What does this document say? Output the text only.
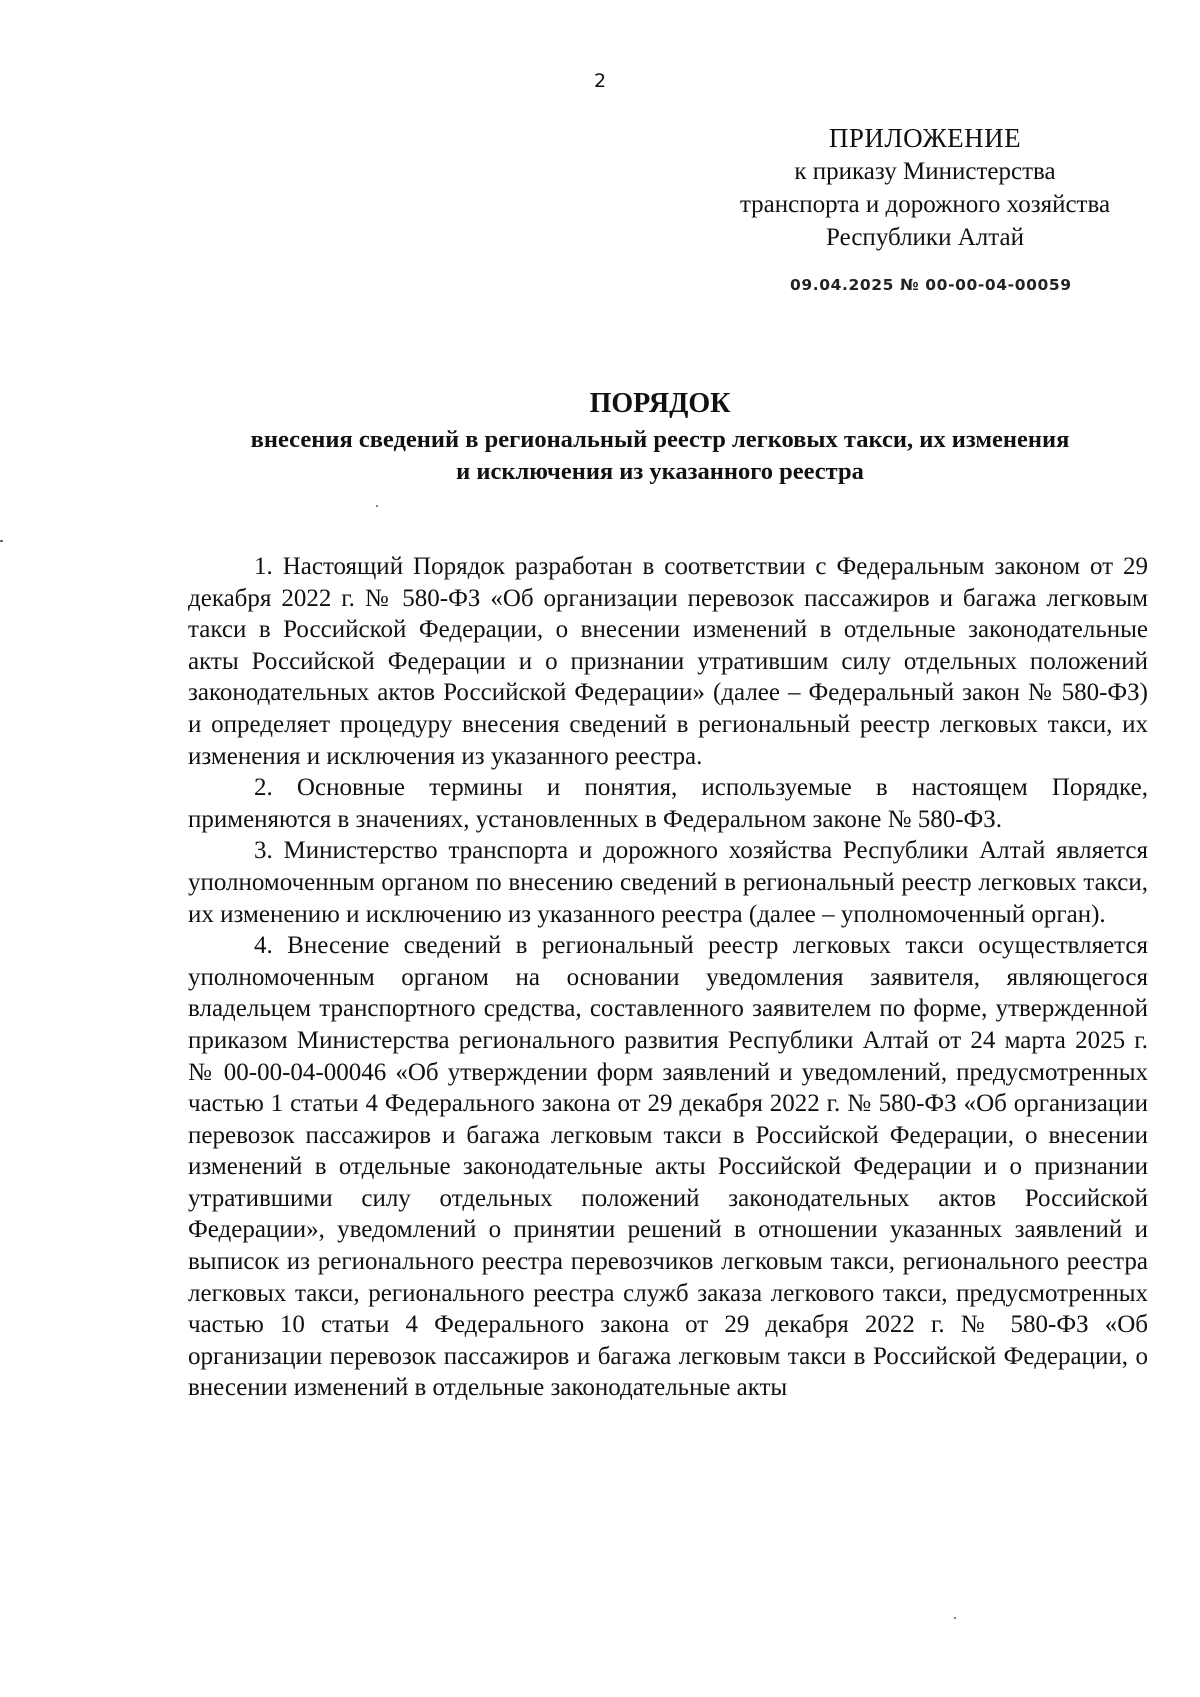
2
ПРИЛОЖЕНИЕ
к приказу Министерства
транспорта и дорожного хозяйства
Республики Алтай
09.04.2025 № 00-00-04-00059
ПОРЯДОК
внесения сведений в региональный реестр легковых такси, их изменения
и исключения из указанного реестра

1. Настоящий Порядок разработан в соответствии с Федеральным законом от 29 декабря 2022 г. № 580-ФЗ «Об организации перевозок пассажиров и багажа легковым такси в Российской Федерации, о внесении изменений в отдельные законодательные акты Российской Федерации и о признании утратившим силу отдельных положений законодательных актов Российской Федерации» (далее – Федеральный закон № 580-ФЗ) и определяет процедуру внесения сведений в региональный реестр легковых такси, их изменения и исключения из указанного реестра.

2. Основные термины и понятия, используемые в настоящем Порядке, применяются в значениях, установленных в Федеральном законе № 580-ФЗ.

3. Министерство транспорта и дорожного хозяйства Республики Алтай является уполномоченным органом по внесению сведений в региональный реестр легковых такси, их изменению и исключению из указанного реестра (далее – уполномоченный орган).

4. Внесение сведений в региональный реестр легковых такси осуществляется уполномоченным органом на основании уведомления заявителя, являющегося владельцем транспортного средства, составленного заявителем по форме, утвержденной приказом Министерства регионального развития Республики Алтай от 24 марта 2025 г. № 00-00-04-00046 «Об утверждении форм заявлений и уведомлений, предусмотренных частью 1 статьи 4 Федерального закона от 29 декабря 2022 г. № 580-ФЗ «Об организации перевозок пассажиров и багажа легковым такси в Российской Федерации, о внесении изменений в отдельные законодательные акты Российской Федерации и о признании утратившими силу отдельных положений законодательных актов Российской Федерации», уведомлений о принятии решений в отношении указанных заявлений и выписок из регионального реестра перевозчиков легковым такси, регионального реестра легковых такси, регионального реестра служб заказа легкового такси, предусмотренных частью 10 статьи 4 Федерального закона от 29 декабря 2022 г. № 580-ФЗ «Об организации перевозок пассажиров и багажа легковым такси в Российской Федерации, о внесении изменений в отдельные законодательные акты
